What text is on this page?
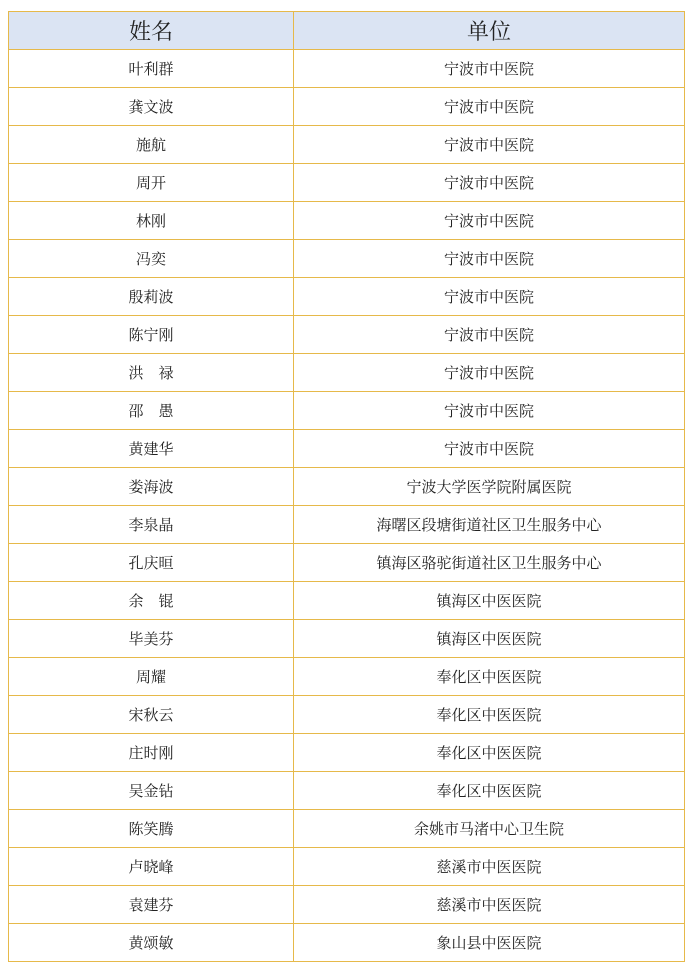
姓名	单位
叶利群	宁波市中医院
龚文波	宁波市中医院
施航	宁波市中医院
周开	宁波市中医院
林刚	宁波市中医院
冯奕	宁波市中医院
殷莉波	宁波市中医院
陈宁刚	宁波市中医院
洪　禄	宁波市中医院
邵　愚	宁波市中医院
黄建华	宁波市中医院
娄海波	宁波大学医学院附属医院
李泉晶	海曙区段塘街道社区卫生服务中心
孔庆晅	镇海区骆驼街道社区卫生服务中心
余　锟	镇海区中医医院
毕美芬	镇海区中医医院
周耀	奉化区中医医院
宋秋云	奉化区中医医院
庄时刚	奉化区中医医院
吴金钻	奉化区中医医院
陈笑腾	余姚市马渚中心卫生院
卢晓峰	慈溪市中医医院
袁建芬	慈溪市中医医院
黄颂敏	象山县中医医院
